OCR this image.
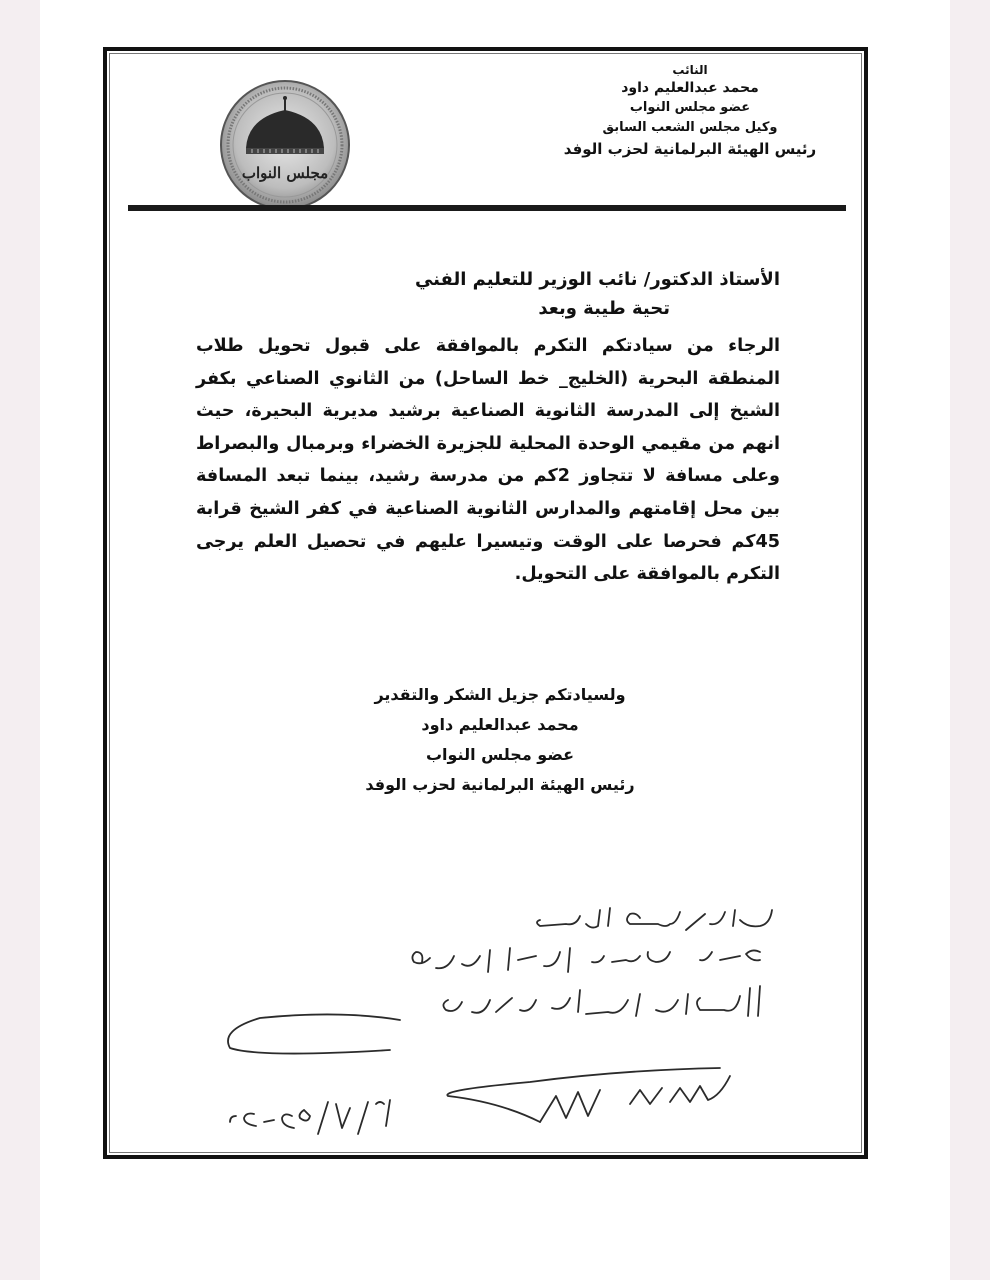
النائب
محمد عبدالعليم داود
عضو مجلس النواب
وكيل مجلس الشعب السابق
رئيس الهيئة البرلمانية لحزب الوفد
مجلس النواب
الأستاذ الدكتور/ نائب الوزير للتعليم الفني
تحية طيبة وبعد
الرجاء من سيادتكم التكرم بالموافقة على قبول تحويل طلاب المنطقة البحرية (الخليج_ خط الساحل) من الثانوي الصناعي بكفر الشيخ إلى المدرسة الثانوية الصناعية برشيد مديرية البحيرة، حيث انهم من مقيمي الوحدة المحلية للجزيرة الخضراء وبرمبال والبصراط وعلى مسافة لا تتجاوز 2كم من مدرسة رشيد، بينما تبعد المسافة بين محل إقامتهم والمدارس الثانوية الصناعية في كفر الشيخ قرابة 45كم فحرصا على الوقت وتيسيرا عليهم في تحصيل العلم يرجى التكرم بالموافقة على التحويل.
ولسيادتكم جزيل الشكر والتقدير
محمد عبدالعليم داود
عضو مجلس النواب
رئيس الهيئة البرلمانية لحزب الوفد
